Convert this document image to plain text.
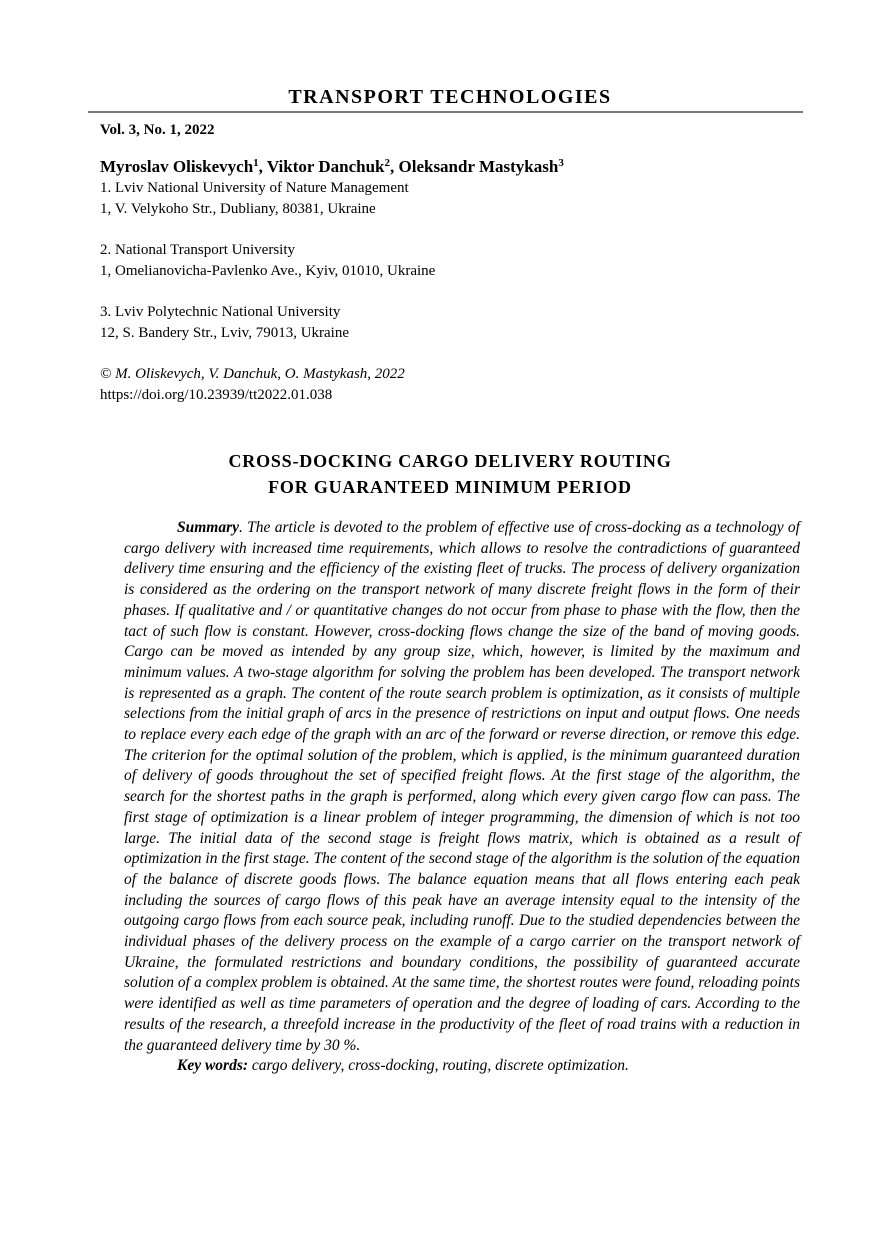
TRANSPORT TECHNOLOGIES
Vol. 3, No. 1, 2022

Myroslav Oliskevych$^1$, Viktor Danchuk$^2$, Oleksandr Mastykash$^3$

1. Lviv National University of Nature Management

1, V. Velykoho Str., Dubliany, 80381, Ukraine

2. National Transport University

1, Omelianovicha-Pavlenko Ave., Kyiv, 01010, Ukraine

3. Lviv Polytechnic National University

12, S. Bandery Str., Lviv, 79013, Ukraine

© M. Oliskevych, V. Danchuk, O. Mastykash, 2022

https://doi.org/10.23939/tt2022.01.038

CROSS-DOCKING CARGO DELIVERY ROUTING
FOR GUARANTEED MINIMUM PERIOD

Summary. The article is devoted to the problem of effective use of cross-docking as a technology of cargo delivery with increased time requirements, which allows to resolve the contradictions of guaranteed delivery time ensuring and the efficiency of the existing fleet of trucks. The process of delivery organization is considered as the ordering on the transport network of many discrete freight flows in the form of their phases. If qualitative and / or quantitative changes do not occur from phase to phase with the flow, then the tact of such flow is constant. However, cross-docking flows change the size of the band of moving goods. Cargo can be moved as intended by any group size, which, however, is limited by the maximum and minimum values. A two-stage algorithm for solving the problem has been developed. The transport network is represented as a graph. The content of the route search problem is optimization, as it consists of multiple selections from the initial graph of arcs in the presence of restrictions on input and output flows. One needs to replace every each edge of the graph with an arc of the forward or reverse direction, or remove this edge. The criterion for the optimal solution of the problem, which is applied, is the minimum guaranteed duration of delivery of goods throughout the set of specified freight flows. At the first stage of the algorithm, the search for the shortest paths in the graph is performed, along which every given cargo flow can pass. The first stage of optimization is a linear problem of integer programming, the dimension of which is not too large. The initial data of the second stage is freight flows matrix, which is obtained as a result of optimization in the first stage. The content of the second stage of the algorithm is the solution of the equation of the balance of discrete goods flows. The balance equation means that all flows entering each peak including the sources of cargo flows of this peak have an average intensity equal to the intensity of the outgoing cargo flows from each source peak, including runoff. Due to the studied dependencies between the individual phases of the delivery process on the example of a cargo carrier on the transport network of Ukraine, the formulated restrictions and boundary conditions, the possibility of guaranteed accurate solution of a complex problem is obtained. At the same time, the shortest routes were found, reloading points were identified as well as time parameters of operation and the degree of loading of cars. According to the results of the research, a threefold increase in the productivity of the fleet of road trains with a reduction in the guaranteed delivery time by 30 %.

Key words: cargo delivery, cross-docking, routing, discrete optimization.
